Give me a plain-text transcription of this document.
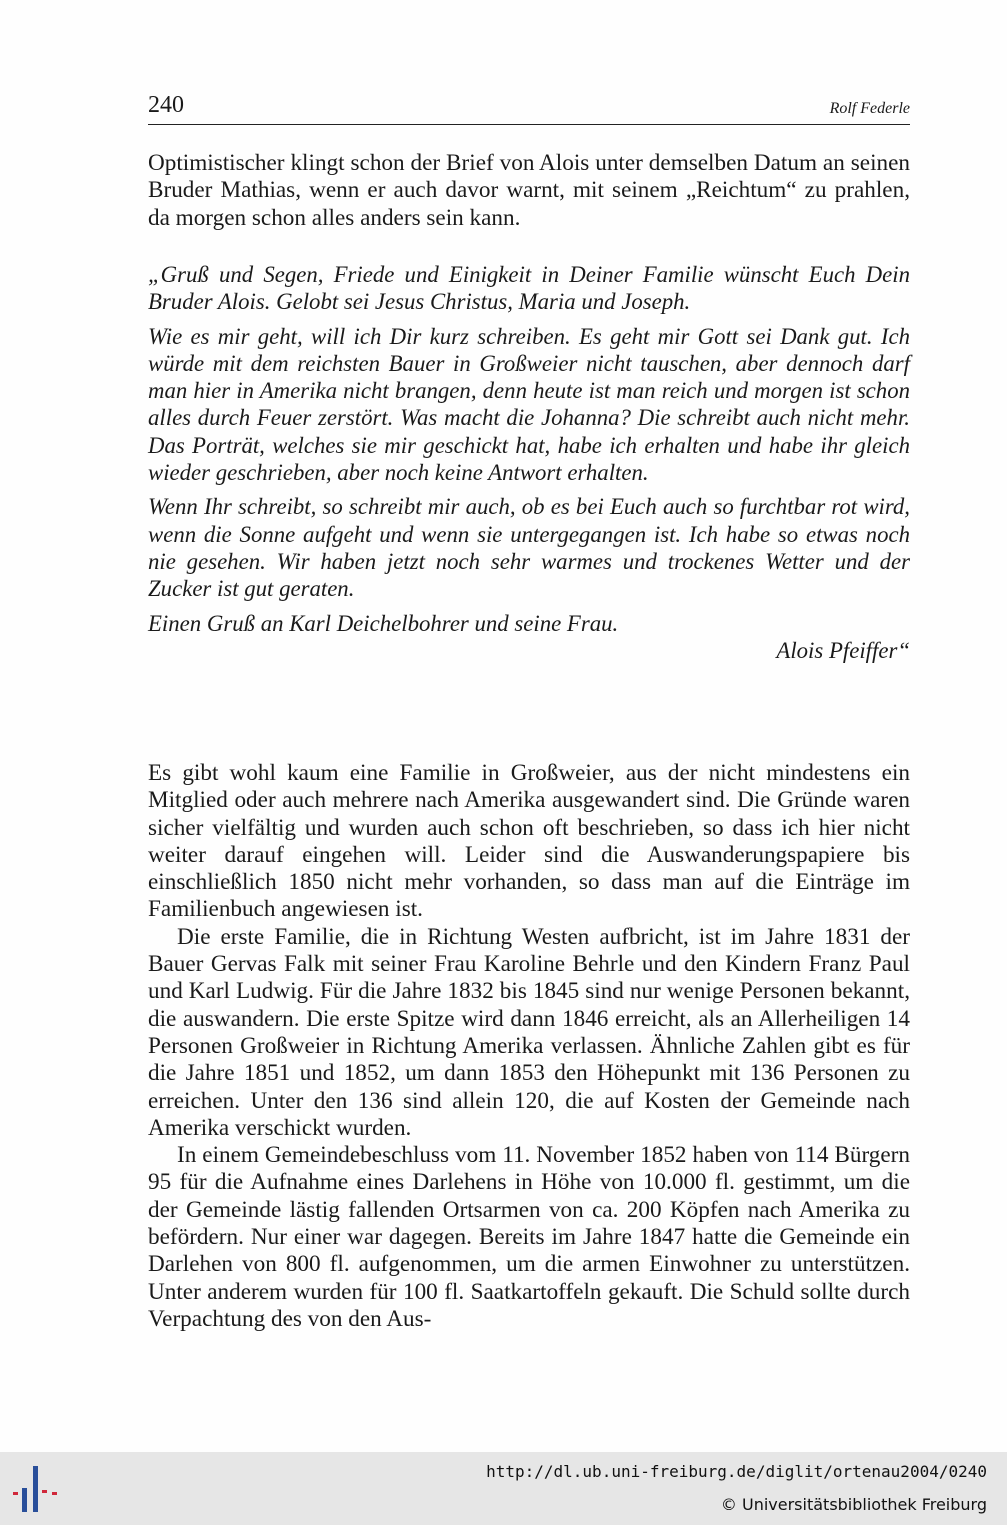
240	Rolf Federle

Optimistischer klingt schon der Brief von Alois unter demselben Datum an seinen Bruder Mathias, wenn er auch davor warnt, mit seinem „Reichtum“ zu prahlen, da morgen schon alles anders sein kann.

„Gruß und Segen, Friede und Einigkeit in Deiner Familie wünscht Euch Dein Bruder Alois. Gelobt sei Jesus Christus, Maria und Joseph.

Wie es mir geht, will ich Dir kurz schreiben. Es geht mir Gott sei Dank gut. Ich würde mit dem reichsten Bauer in Großweier nicht tauschen, aber dennoch darf man hier in Amerika nicht brangen, denn heute ist man reich und morgen ist schon alles durch Feuer zerstört. Was macht die Johanna? Die schreibt auch nicht mehr. Das Porträt, welches sie mir geschickt hat, habe ich erhalten und habe ihr gleich wieder geschrieben, aber noch keine Antwort erhalten.

Wenn Ihr schreibt, so schreibt mir auch, ob es bei Euch auch so furchtbar rot wird, wenn die Sonne aufgeht und wenn sie untergegangen ist. Ich habe so etwas noch nie gesehen. Wir haben jetzt noch sehr warmes und trockenes Wetter und der Zucker ist gut geraten.

Einen Gruß an Karl Deichelbohrer und seine Frau.

Alois Pfeiffer“

Es gibt wohl kaum eine Familie in Großweier, aus der nicht mindestens ein Mitglied oder auch mehrere nach Amerika ausgewandert sind. Die Gründe waren sicher vielfältig und wurden auch schon oft beschrieben, so dass ich hier nicht weiter darauf eingehen will. Leider sind die Auswanderungspapiere bis einschließlich 1850 nicht mehr vorhanden, so dass man auf die Einträge im Familienbuch angewiesen ist.

Die erste Familie, die in Richtung Westen aufbricht, ist im Jahre 1831 der Bauer Gervas Falk mit seiner Frau Karoline Behrle und den Kindern Franz Paul und Karl Ludwig. Für die Jahre 1832 bis 1845 sind nur wenige Personen bekannt, die auswandern. Die erste Spitze wird dann 1846 erreicht, als an Allerheiligen 14 Personen Großweier in Richtung Amerika verlassen. Ähnliche Zahlen gibt es für die Jahre 1851 und 1852, um dann 1853 den Höhepunkt mit 136 Personen zu erreichen. Unter den 136 sind allein 120, die auf Kosten der Gemeinde nach Amerika verschickt wurden.

In einem Gemeindebeschluss vom 11. November 1852 haben von 114 Bürgern 95 für die Aufnahme eines Darlehens in Höhe von 10.000 fl. gestimmt, um die der Gemeinde lästig fallenden Ortsarmen von ca. 200 Köpfen nach Amerika zu befördern. Nur einer war dagegen. Bereits im Jahre 1847 hatte die Gemeinde ein Darlehen von 800 fl. aufgenommen, um die armen Einwohner zu unterstützen. Unter anderem wurden für 100 fl. Saatkartoffeln gekauft. Die Schuld sollte durch Verpachtung des von den Aus-

http://dl.ub.uni-freiburg.de/diglit/ortenau2004/0240
© Universitätsbibliothek Freiburg
